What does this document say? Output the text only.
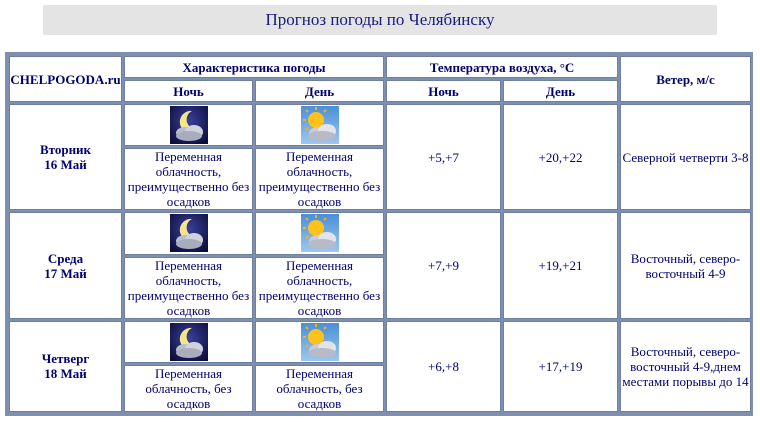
Прогноз погоды по Челябинску
CHELPOGODA.ru	Характеристика погоды		Температура воздуха, °С		Ветер, м/с
	Ночь	День	Ночь	День	
Вторник
16 Май			+5,+7	+20,+22	Северной четверти 3-8
	Переменная облачность, преимущественно без осадков	Переменная облачность, преимущественно без осадков			
Среда
17 Май			+7,+9	+19,+21	Восточный, северо-восточный 4-9
	Переменная облачность, преимущественно без осадков	Переменная облачность, преимущественно без осадков			
Четверг
18 Май			+6,+8	+17,+19	Восточный, северо-восточный 4-9,днем местами порывы до 14
	Переменная облачность, без осадков	Переменная облачность, без осадков			
